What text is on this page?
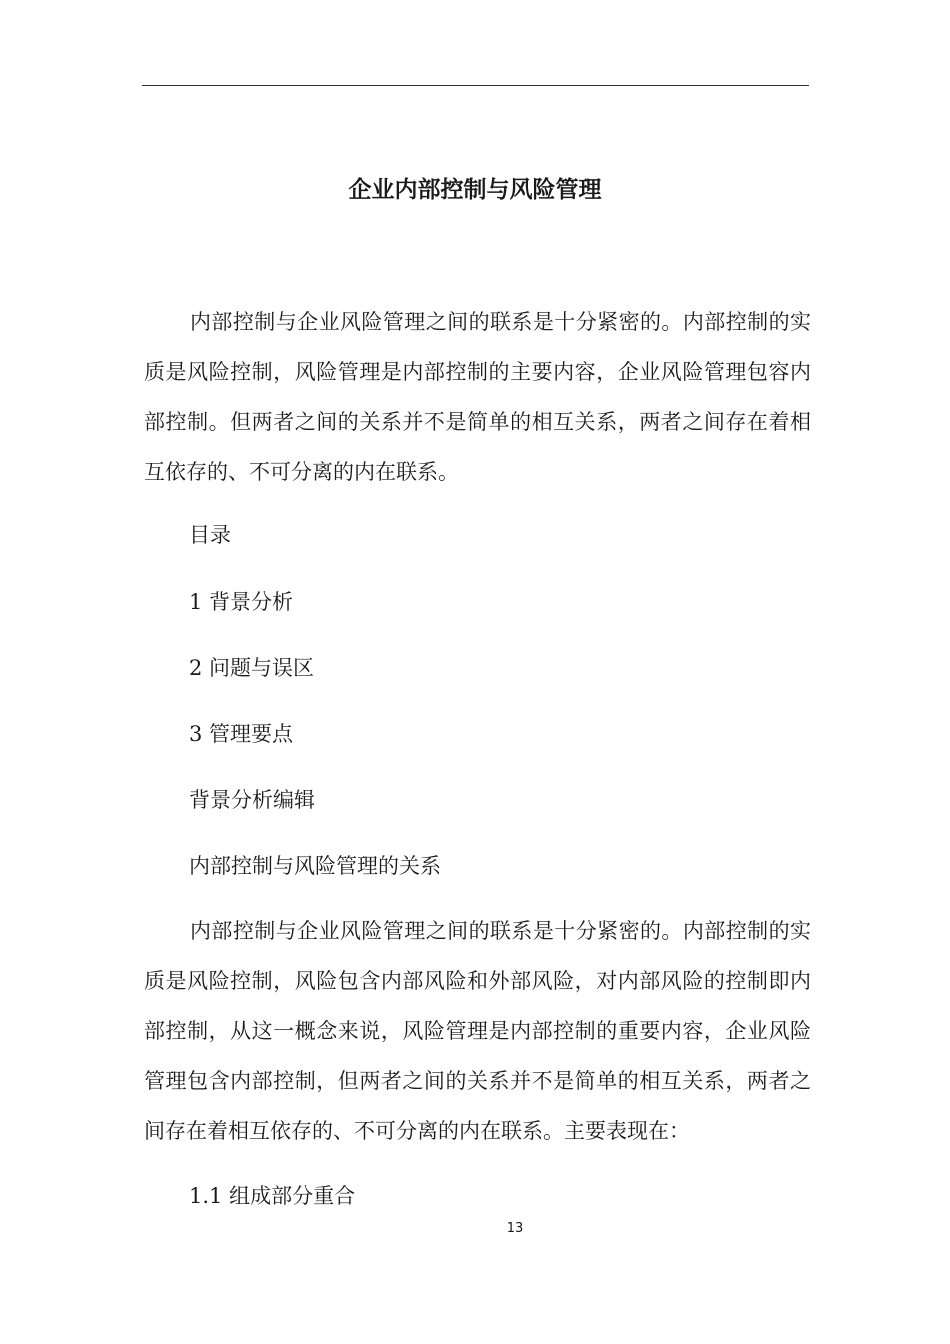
企业内部控制与风险管理

内部控制与企业风险管理之间的联系是十分紧密的。内部控制的实质是风险控制，风险管理是内部控制的主要内容，企业风险管理包容内部控制。但两者之间的关系并不是简单的相互关系，两者之间存在着相互依存的、不可分离的内在联系。

目录

1 背景分析

2 问题与误区

3 管理要点

背景分析编辑

内部控制与风险管理的关系

内部控制与企业风险管理之间的联系是十分紧密的。内部控制的实质是风险控制，风险包含内部风险和外部风险，对内部风险的控制即内部控制，从这一概念来说，风险管理是内部控制的重要内容，企业风险管理包含内部控制，但两者之间的关系并不是简单的相互关系，两者之间存在着相互依存的、不可分离的内在联系。主要表现在：

1.1 组成部分重合

13
